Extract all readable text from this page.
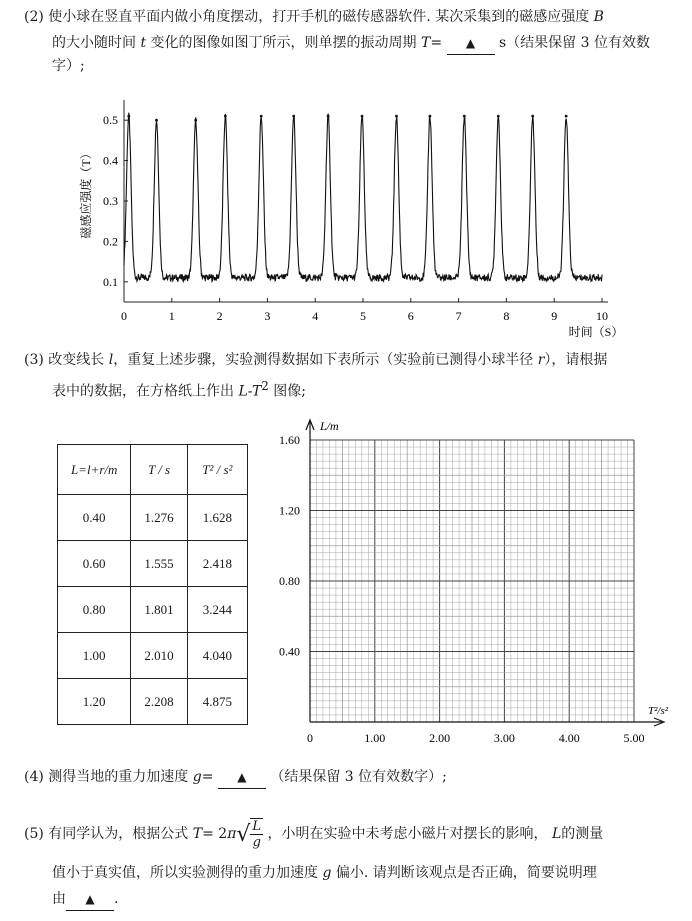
(2) 使小球在竖直平面内做小角度摆动，打开手机的磁传感器软件. 某次采集到的磁感应强度 B
的大小随时间 t 变化的图像如图丁所示，则单摆的振动周期 T= ▲ s（结果保留 3 位有效数字）;
0.1
0.2
0.3
0.4
0.5
0	1	2	3	4	5	6	7	8	9	10
磁感应强度（T）
时间（S）
(3) 改变线长 l，重复上述步骤，实验测得数据如下表所示（实验前已测得小球半径 r），请根据
表中的数据，在方格纸上作出 $L-T^2$ 图像;
L=l+r/m	T / s	T² / s²
0.40	1.276	1.628
0.60	1.555	2.418
0.80	1.801	3.244
1.00	2.010	4.040
1.20	2.208	4.875
0.40
0.80
1.20
1.60
0	1.00	2.00	3.00	4.00	5.00
L/m
T²/s²
(4) 测得当地的重力加速度 g= ▲ （结果保留 3 位有效数字）;
(5) 有同学认为，根据公式 $T= 2\pi√ \frac{L}{g}$ ，小明在实验中未考虑小磁片对摆长的影响， L的测量
值小于真实值，所以实验测得的重力加速度 g 偏小. 请判断该观点是否正确，简要说明理
由 ▲ .
